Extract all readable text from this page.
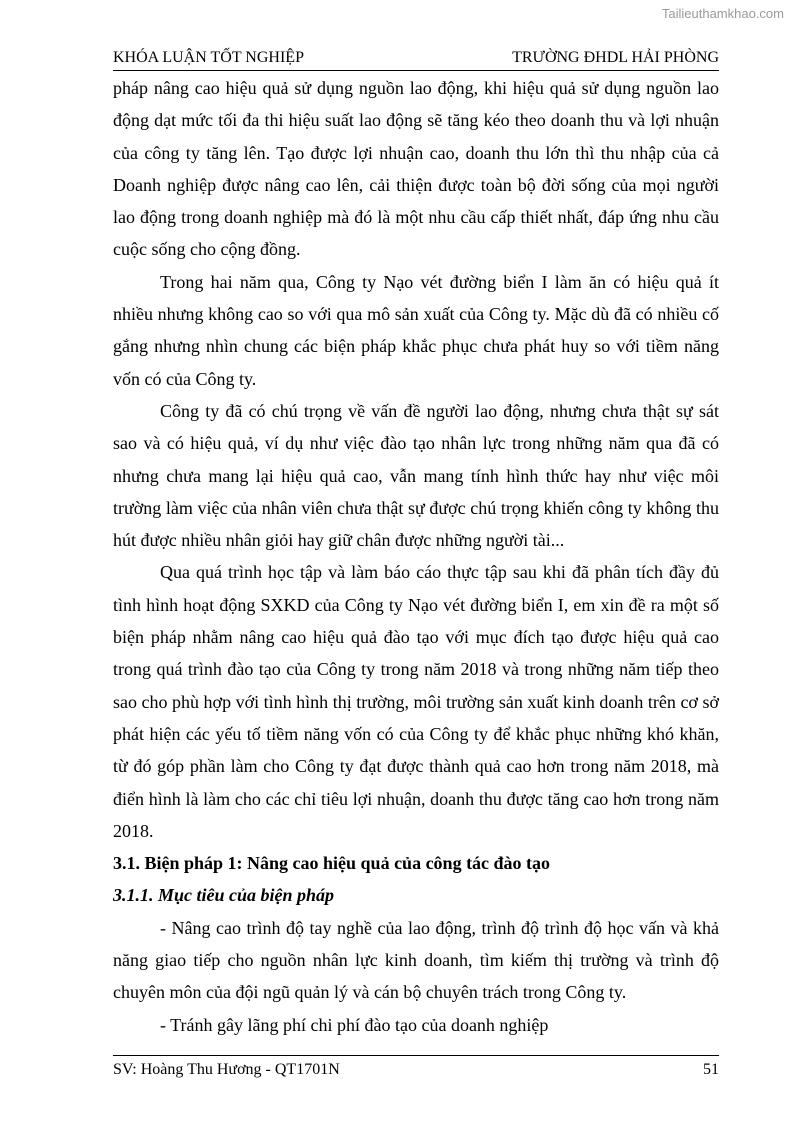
Tailieuthamkhao.com
KHÓA LUẬN TỐT NGHIỆP	TRƯỜNG ĐHDL HẢI PHÒNG

pháp nâng cao hiệu quả sử dụng nguồn lao động, khi hiệu quả sử dụng nguồn lao động dạt mức tối đa thi hiệu suất lao động sẽ tăng kéo theo doanh thu và lợi nhuận của công ty tăng lên. Tạo được lợi nhuận cao, doanh thu lớn thì thu nhập của cả Doanh nghiệp được nâng cao lên, cải thiện được toàn bộ đời sống của mọi người lao động trong doanh nghiệp mà đó là một nhu cầu cấp thiết nhất, đáp ứng nhu cầu cuộc sống cho cộng đồng.

Trong hai năm qua, Công ty Nạo vét đường biển I làm ăn có hiệu quả ít nhiều nhưng không cao so với qua mô sản xuất của Công ty. Mặc dù đã có nhiều cố gắng nhưng nhìn chung các biện pháp khắc phục chưa phát huy so với tiềm năng vốn có của Công ty.

Công ty đã có chú trọng về vấn đề người lao động, nhưng chưa thật sự sát sao và có hiệu quả, ví dụ như việc đào tạo nhân lực trong những năm qua đã có nhưng chưa mang lại hiệu quả cao, vẫn mang tính hình thức hay như việc môi trường làm việc của nhân viên chưa thật sự được chú trọng khiến công ty không thu hút được nhiều nhân giỏi hay giữ chân được những người tài...

Qua quá trình học tập và làm báo cáo thực tập sau khi đã phân tích đầy đủ tình hình hoạt động SXKD của Công ty Nạo vét đường biển I, em xin đề ra một số biện pháp nhằm nâng cao hiệu quả đào tạo với mục đích tạo được hiệu quả cao trong quá trình đào tạo của Công ty trong năm 2018 và trong những năm tiếp theo sao cho phù hợp với tình hình thị trường, môi trường sản xuất kinh doanh trên cơ sở phát hiện các yếu tố tiềm năng vốn có của Công ty để khắc phục những khó khăn, từ đó góp phần làm cho Công ty đạt được thành quả cao hơn trong năm 2018, mà điển hình là làm cho các chỉ tiêu lợi nhuận, doanh thu được tăng cao hơn trong năm 2018.

3.1. Biện pháp 1: Nâng cao hiệu quả của công tác đào tạo
3.1.1. Mục tiêu của biện pháp

- Nâng cao trình độ tay nghề của lao động, trình độ trình độ học vấn và khả năng giao tiếp cho nguồn nhân lực kinh doanh, tìm kiếm thị trường và trình độ chuyên môn của đội ngũ quản lý và cán bộ chuyên trách trong Công ty.

- Tránh gây lãng phí chi phí đào tạo của doanh nghiệp

SV: Hoàng Thu Hương - QT1701N	51
